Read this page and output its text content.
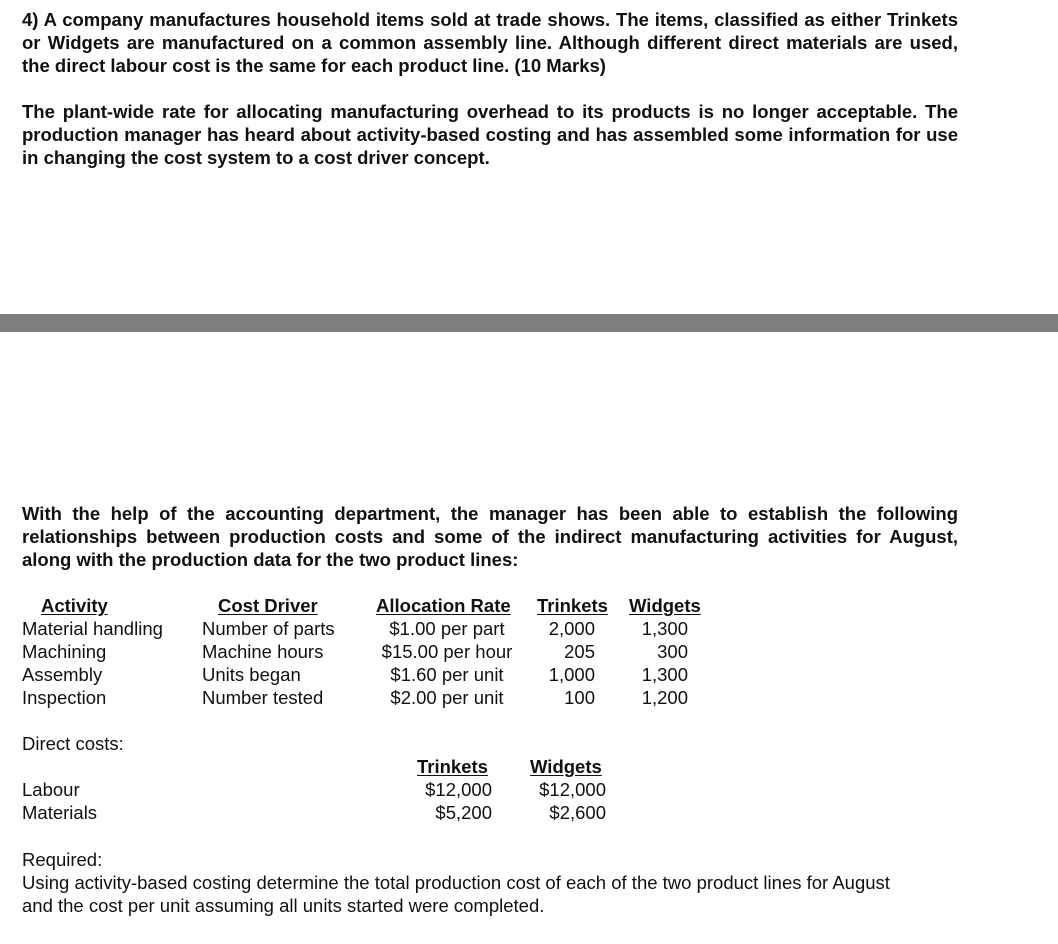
4) A company manufactures household items sold at trade shows. The items, classified as either Trinkets or Widgets are manufactured on a common assembly line. Although different direct materials are used, the direct labour cost is the same for each product line. (10 Marks)

The plant-wide rate for allocating manufacturing overhead to its products is no longer acceptable. The production manager has heard about activity-based costing and has assembled some information for use in changing the cost system to a cost driver concept.

With the help of the accounting department, the manager has been able to establish the following relationships between production costs and some of the indirect manufacturing activities for August, along with the production data for the two product lines:

Activity
Material handling
Machining
Assembly
Inspection
Cost Driver
Number of parts
Machine hours
Units began
Number tested
Allocation Rate
$1.00 per part
$15.00 per hour
$1.60 per unit
$2.00 per unit
Trinkets
2,000
205
1,000
100
Widgets
1,300
300
1,300
1,200
Direct costs:
Labour
Materials
Trinkets
$12,000
$5,200
Widgets
$12,000
$2,600
Required:

Using activity-based costing determine the total production cost of each of the two product lines for August and the cost per unit assuming all units started were completed.
